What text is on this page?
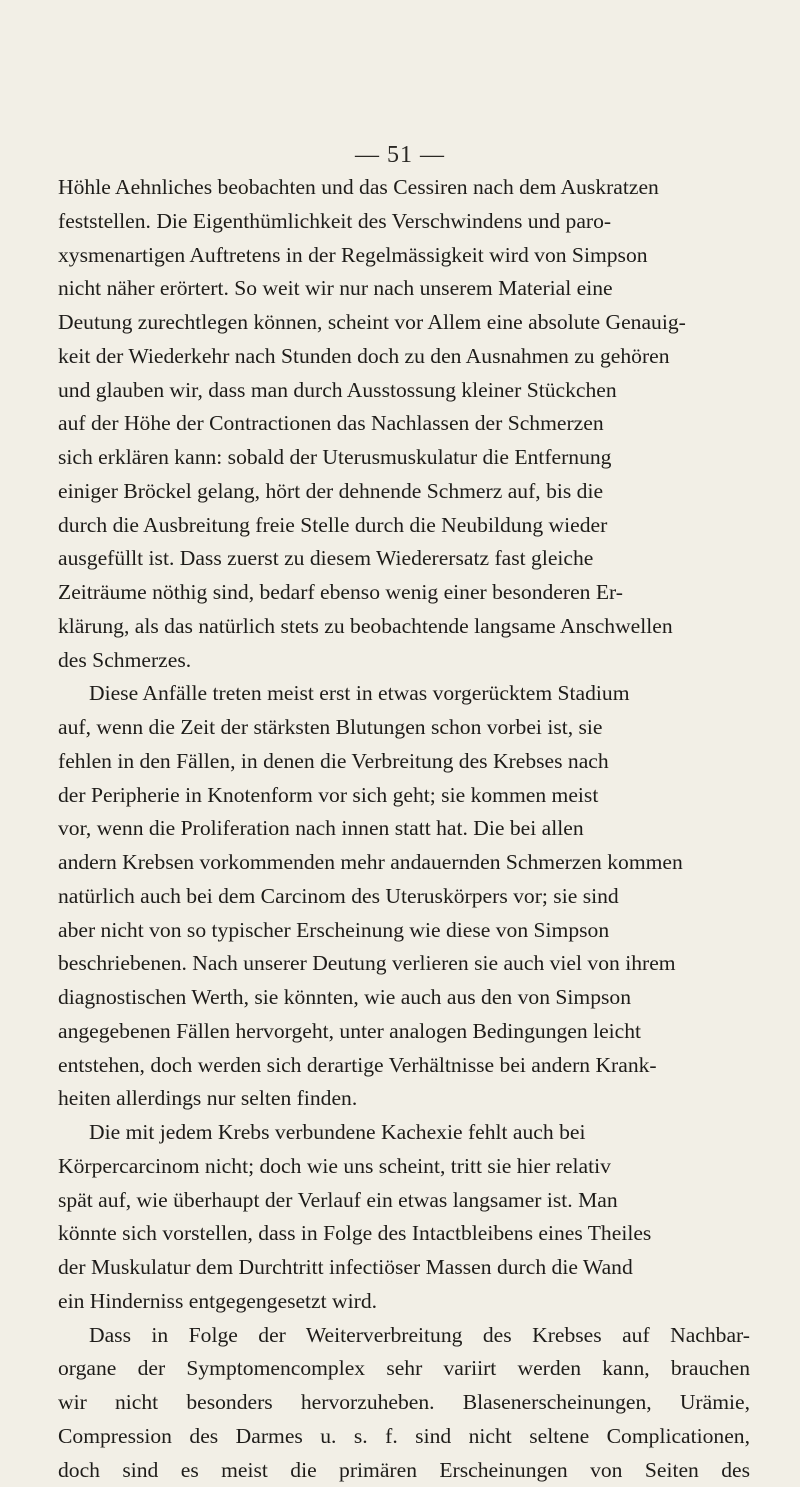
— 51 —

Höhle Aehnliches beobachten und das Cessiren nach dem Auskratzen
feststellen. Die Eigenthümlichkeit des Verschwindens und paro-
xysmenartigen Auftretens in der Regelmässigkeit wird von Simpson
nicht näher erörtert. So weit wir nur nach unserem Material eine
Deutung zurechtlegen können, scheint vor Allem eine absolute Genauig-
keit der Wiederkehr nach Stunden doch zu den Ausnahmen zu gehören
und glauben wir, dass man durch Ausstossung kleiner Stückchen
auf der Höhe der Contractionen das Nachlassen der Schmerzen
sich erklären kann: sobald der Uterusmuskulatur die Entfernung
einiger Bröckel gelang, hört der dehnende Schmerz auf, bis die
durch die Ausbreitung freie Stelle durch die Neubildung wieder
ausgefüllt ist. Dass zuerst zu diesem Wiederersatz fast gleiche
Zeiträume nöthig sind, bedarf ebenso wenig einer besonderen Er-
klärung, als das natürlich stets zu beobachtende langsame Anschwellen
des Schmerzes.

Diese Anfälle treten meist erst in etwas vorgerücktem Stadium
auf, wenn die Zeit der stärksten Blutungen schon vorbei ist, sie
fehlen in den Fällen, in denen die Verbreitung des Krebses nach
der Peripherie in Knotenform vor sich geht; sie kommen meist
vor, wenn die Proliferation nach innen statt hat. Die bei allen
andern Krebsen vorkommenden mehr andauernden Schmerzen kommen
natürlich auch bei dem Carcinom des Uteruskörpers vor; sie sind
aber nicht von so typischer Erscheinung wie diese von Simpson
beschriebenen. Nach unserer Deutung verlieren sie auch viel von ihrem
diagnostischen Werth, sie könnten, wie auch aus den von Simpson
angegebenen Fällen hervorgeht, unter analogen Bedingungen leicht
entstehen, doch werden sich derartige Verhältnisse bei andern Krank-
heiten allerdings nur selten finden.

Die mit jedem Krebs verbundene Kachexie fehlt auch bei
Körpercarcinom nicht; doch wie uns scheint, tritt sie hier relativ
spät auf, wie überhaupt der Verlauf ein etwas langsamer ist. Man
könnte sich vorstellen, dass in Folge des Intactbleibens eines Theiles
der Muskulatur dem Durchtritt infectiöser Massen durch die Wand
ein Hinderniss entgegengesetzt wird.

Dass in Folge der Weiterverbreitung des Krebses auf Nachbar-
organe der Symptomencomplex sehr variirt werden kann, brauchen
wir nicht besonders hervorzuheben. Blasenerscheinungen, Urämie,
Compression des Darmes u. s. f. sind nicht seltene Complicationen,
doch sind es meist die primären Erscheinungen von Seiten des
